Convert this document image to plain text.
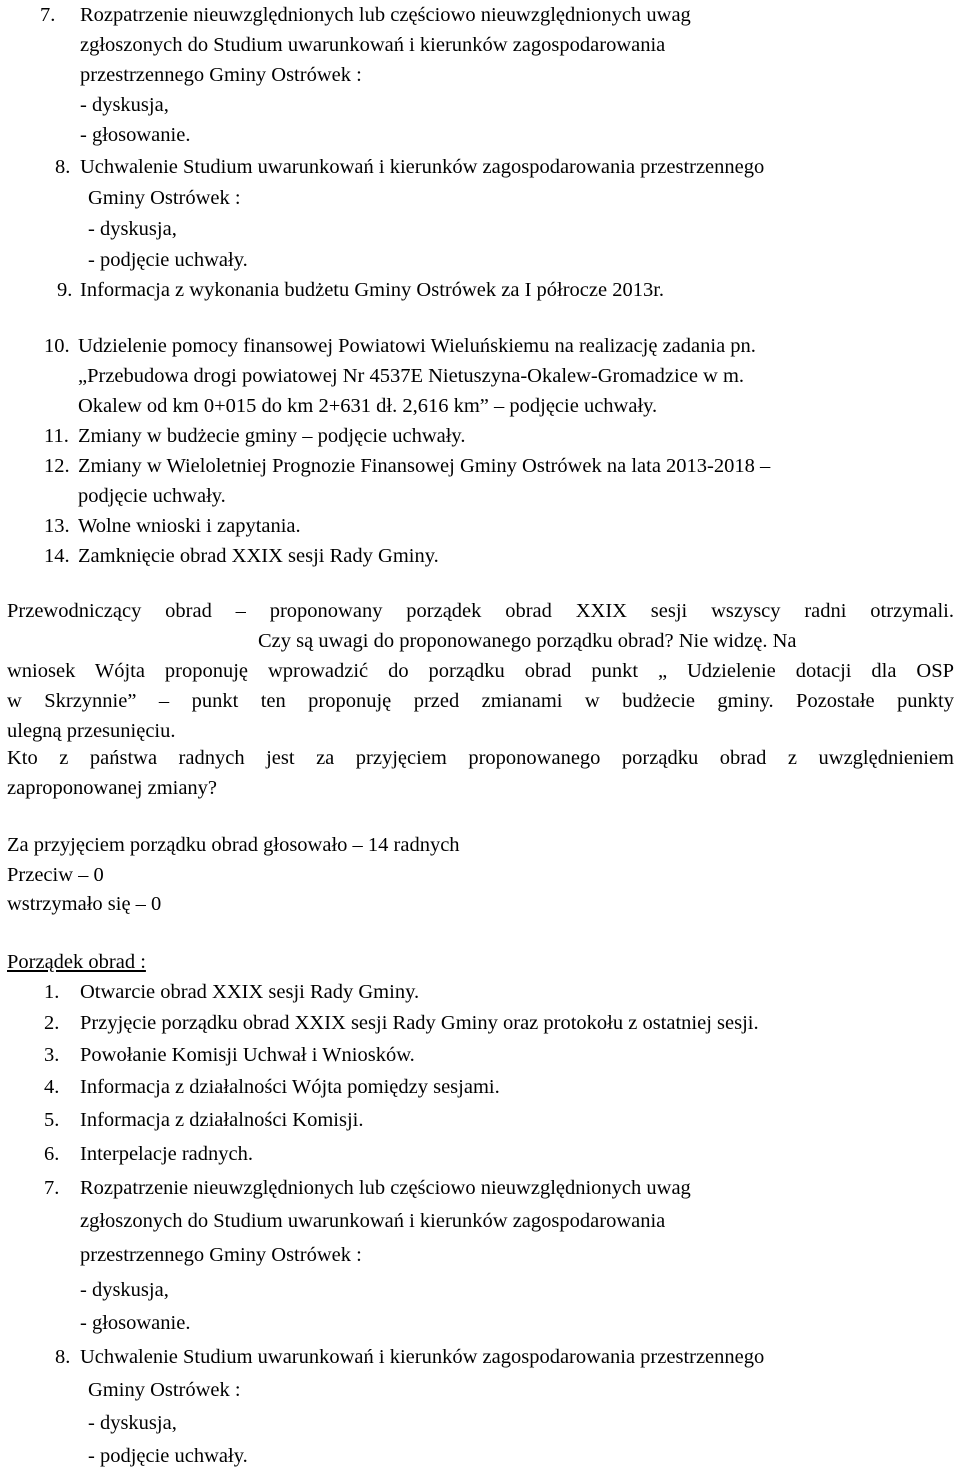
7. Rozpatrzenie nieuwzględnionych lub częściowo nieuwzględnionych uwag
zgłoszonych do Studium uwarunkowań i kierunków zagospodarowania
przestrzennego Gminy Ostrówek :
- dyskusja,
- głosowanie.
8. Uchwalenie Studium uwarunkowań i kierunków zagospodarowania przestrzennego
Gminy Ostrówek :
- dyskusja,
- podjęcie uchwały.
9. Informacja z wykonania budżetu Gminy Ostrówek za I półrocze 2013r.
10. Udzielenie pomocy finansowej Powiatowi Wieluńskiemu na realizację zadania pn.
„Przebudowa drogi powiatowej Nr 4537E Nietuszyna-Okalew-Gromadzice w m.
Okalew od km 0+015 do km 2+631 dł. 2,616 km” – podjęcie uchwały.
11. Zmiany w budżecie gminy – podjęcie uchwały.
12. Zmiany w Wieloletniej Prognozie Finansowej Gminy Ostrówek na lata 2013-2018 –
podjęcie uchwały.
13. Wolne wnioski i zapytania.
14. Zamknięcie obrad XXIX sesji Rady Gminy.
Przewodniczący obrad – proponowany porządek obrad XXIX sesji wszyscy radni otrzymali.
Czy są uwagi do proponowanego porządku obrad? Nie widzę. Na
wniosek Wójta proponuję wprowadzić do porządku obrad punkt „ Udzielenie dotacji dla OSP
w Skrzynnie” – punkt ten proponuję przed zmianami w budżecie gminy. Pozostałe punkty
ulegną przesunięciu.
Kto z państwa radnych jest za przyjęciem proponowanego porządku obrad z uwzględnieniem
zaproponowanej zmiany?
Za przyjęciem porządku obrad głosowało – 14 radnych
Przeciw – 0
wstrzymało się – 0
Porządek obrad :
1. Otwarcie obrad XXIX sesji Rady Gminy.
2. Przyjęcie porządku obrad XXIX sesji Rady Gminy oraz protokołu z ostatniej sesji.
3. Powołanie Komisji Uchwał i Wniosków.
4. Informacja z działalności Wójta pomiędzy sesjami.
5. Informacja z działalności Komisji.
6. Interpelacje radnych.
7. Rozpatrzenie nieuwzględnionych lub częściowo nieuwzględnionych uwag
zgłoszonych do Studium uwarunkowań i kierunków zagospodarowania
przestrzennego Gminy Ostrówek :
- dyskusja,
- głosowanie.
8. Uchwalenie Studium uwarunkowań i kierunków zagospodarowania przestrzennego
Gminy Ostrówek :
- dyskusja,
- podjęcie uchwały.
